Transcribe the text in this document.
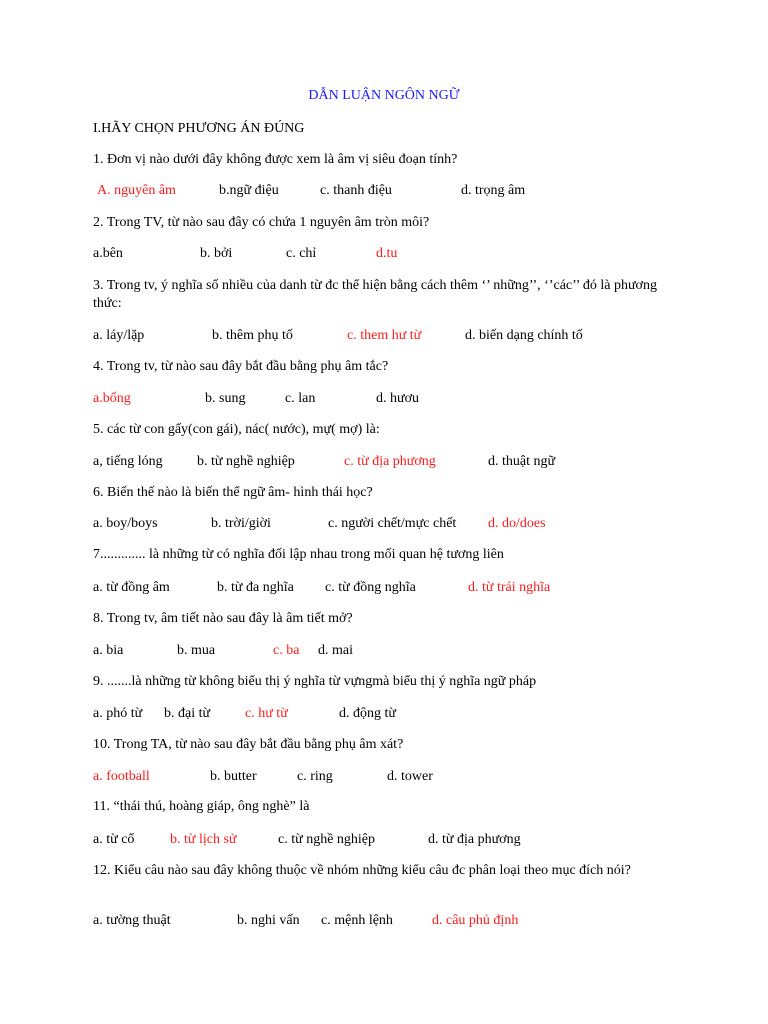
DẪN LUẬN NGÔN NGỮ
I.HÃY CHỌN PHƯƠNG ÁN ĐÚNG
1. Đơn vị nào dưới đây không được xem là âm vị siêu đoạn tính?
A. nguyên âm	b.ngữ điệu	c. thanh điệu	d. trọng âm
2. Trong TV, từ nào sau đây có chứa 1 nguyên âm tròn môi?
a.bên	b. bởi	c. chỉ	d.tu
3. Trong tv, ý nghĩa số nhiều của danh từ đc thể hiện bằng cách thêm ‘’ những’’, ‘’các’’ đó là phương thức:
a. láy/lặp	b. thêm phụ tố	c. them hư từ	d. biến dạng chính tố
4. Trong tv, từ nào sau đây bắt đầu bằng phụ âm tắc?
a.bống	b. sung	c. lan	d. hươu
5. các từ con gấy(con gái), nác( nước), mự( mợ) là:
a, tiếng lóng b. từ nghề nghiệp	c. từ địa phương	d. thuật ngữ
6. Biến thế nào là biến thể ngữ âm- hình thái học?
a. boy/boys	b. trời/giời	c. người chết/mực chết d. do/does
7............. là những từ có nghĩa đối lập nhau trong mối quan hệ tương liên
a. từ đồng âm	b. từ đa nghĩa c. từ đồng nghĩa	d. từ trái nghĩa
8. Trong tv, âm tiết nào sau đây là âm tiết mở?
a. bia	b. mua	c. ba d. mai
9. .......là những từ không biểu thị ý nghĩa từ vựngmà biểu thị ý nghĩa ngữ pháp
a. phó từ b. đại từ c. hư từ	d. động từ
10. Trong TA, từ nào sau đây bắt đầu bằng phụ âm xát?
a. football	b. butter	c. ring	d. tower
11. “thái thú, hoàng giáp, ông nghè” là
a. từ cổ	b. từ lịch sử	c. từ nghề nghiệp	d. từ địa phương
12. Kiểu câu nào sau đây không thuộc về nhóm những kiểu câu đc phân loại theo mục đích nói?
a. tường thuật	b. nghi vấn c. mệnh lệnh	d. câu phủ định
